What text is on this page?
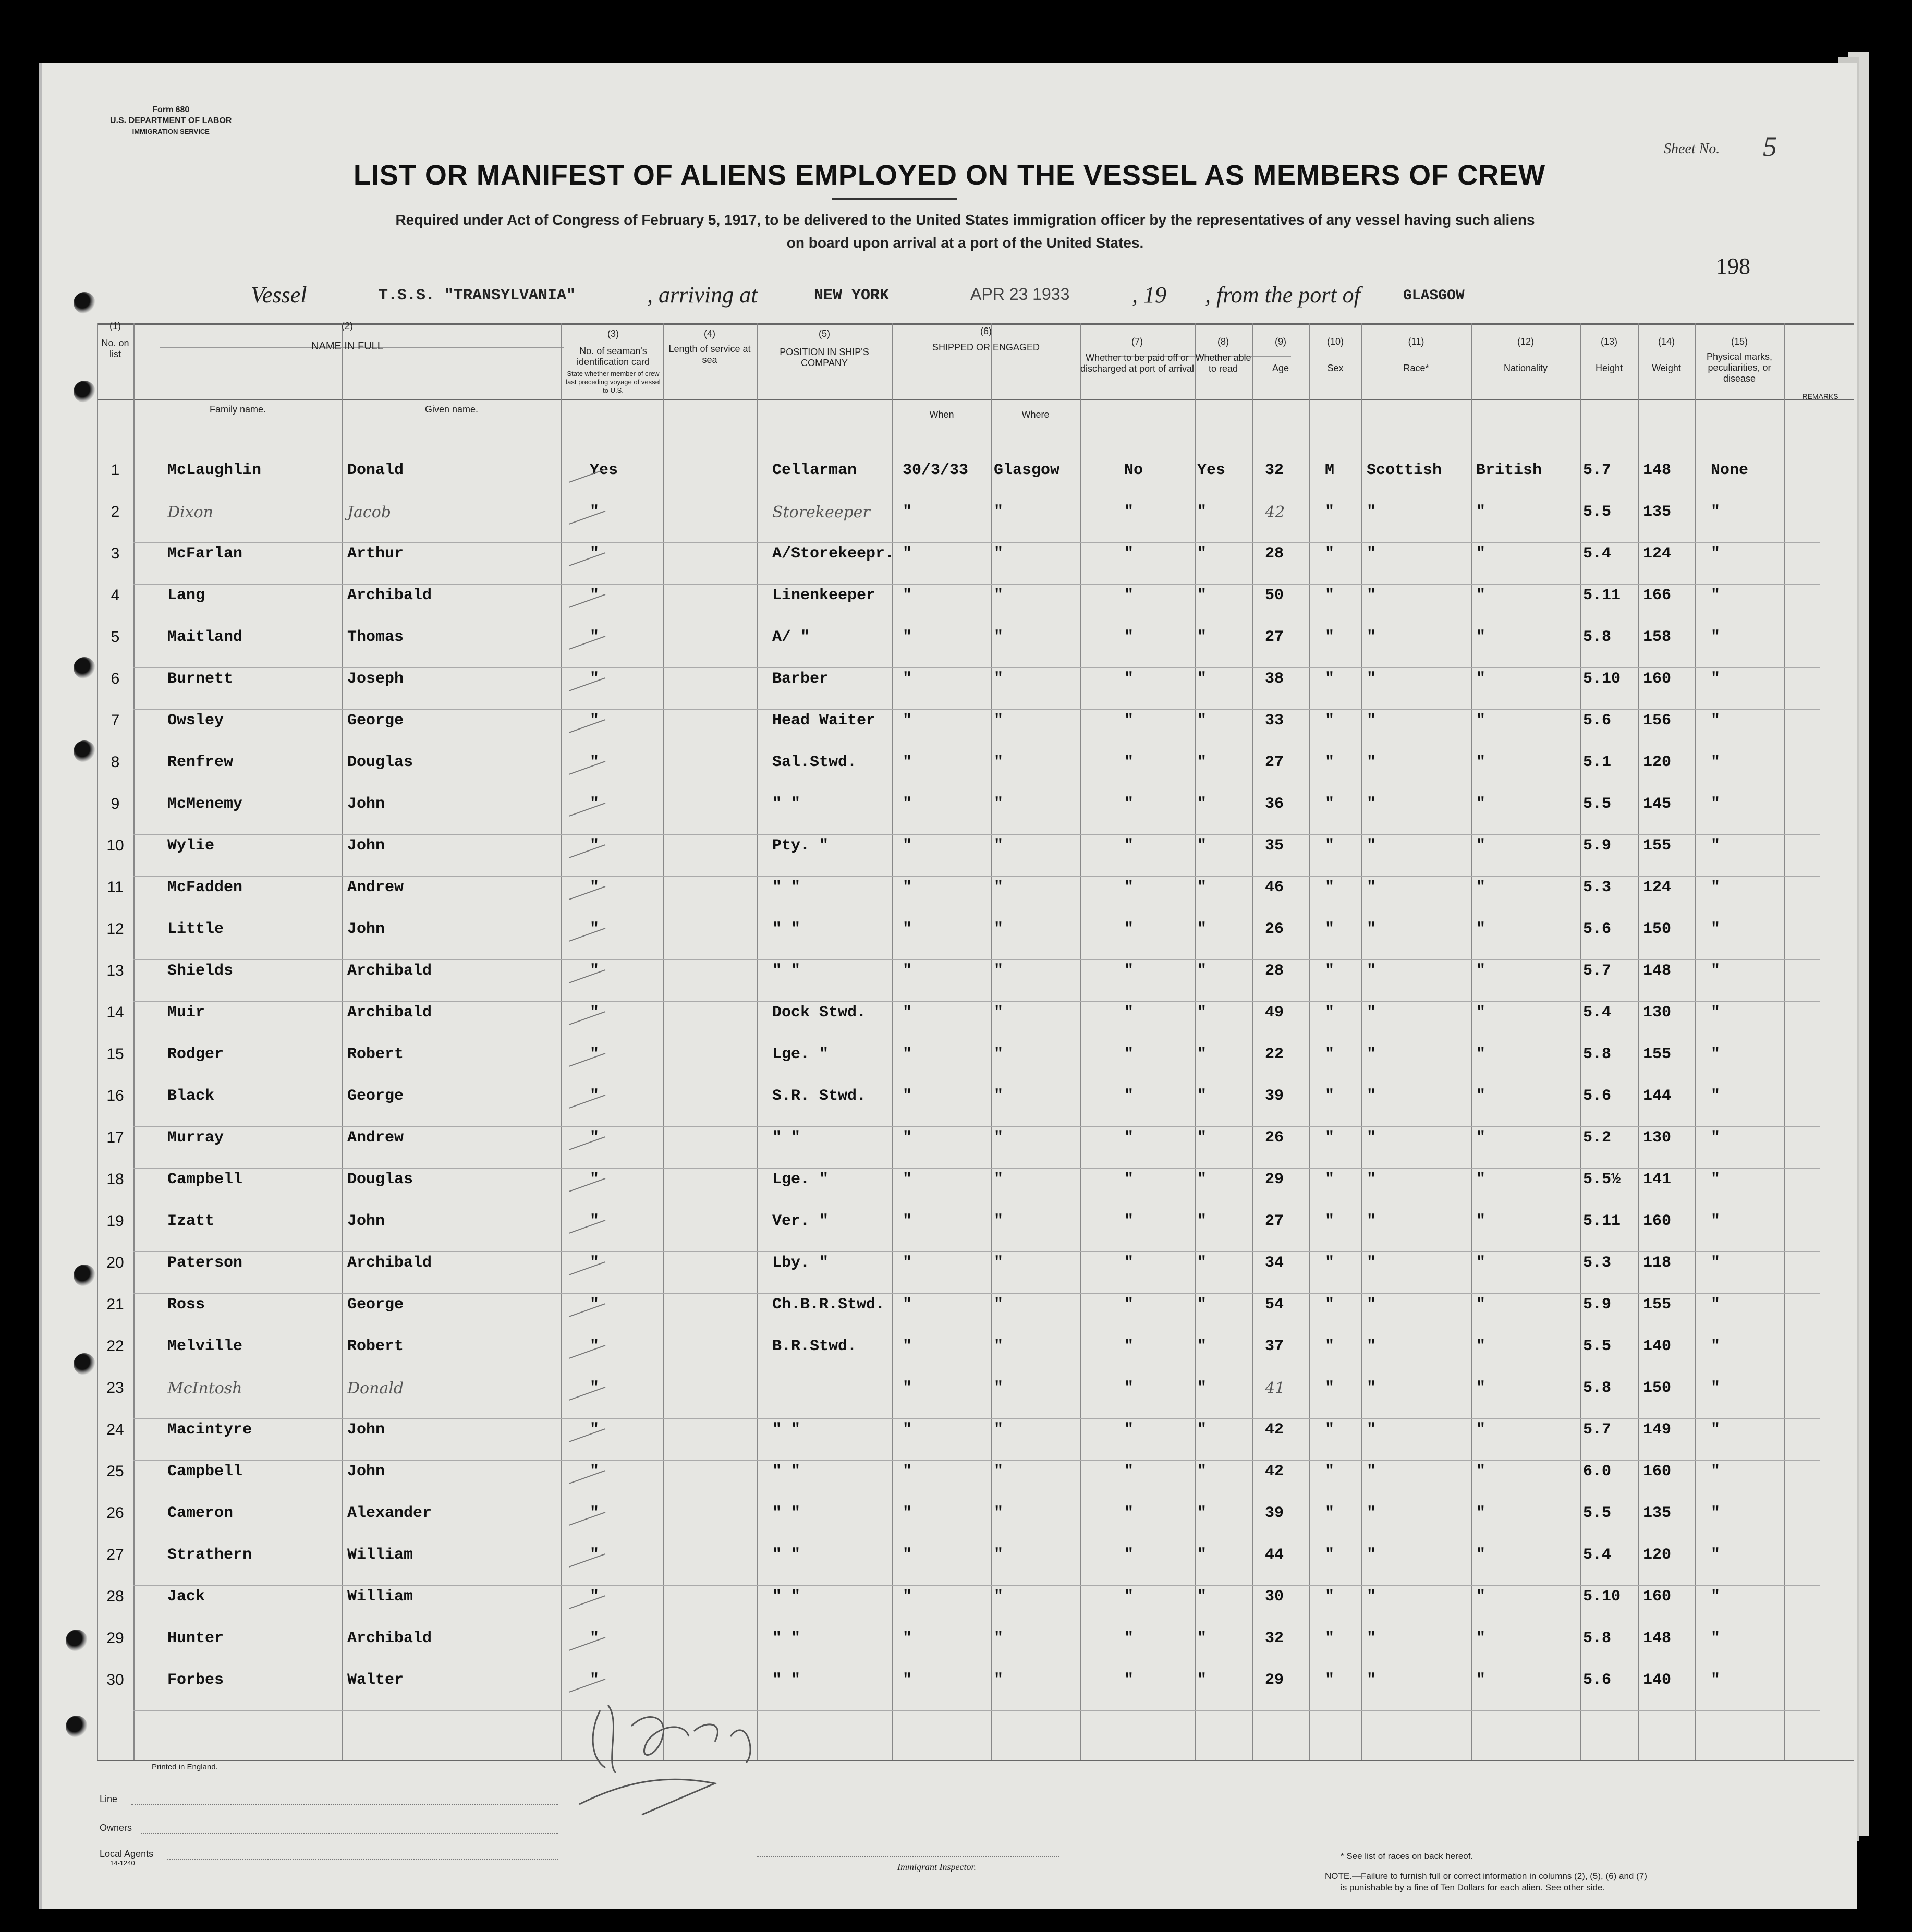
Form 680
U.S. DEPARTMENT OF LABOR
IMMIGRATION SERVICE
LIST OR MANIFEST OF ALIENS EMPLOYED ON THE VESSEL AS MEMBERS OF CREW
Required under Act of Congress of February 5, 1917, to be delivered to the United States immigration officer by the representatives of any vessel having such aliens
on board upon arrival at a port of the United States.
Sheet No. 5
198
Vessel	T.S.S. "TRANSYLVANIA"	, arriving at	NEW YORK	APR 23 1933	, 19 , from the port of	GLASGOW
(1)
No. on list
(2)
NAME IN FULL
Family name.	Given name.
(3)
No. of seaman's identification card
State whether member of crew last preceding voyage of vessel to U.S.
(4)
Length of service at sea
(5)
POSITION IN SHIP'S COMPANY
(6)
SHIPPED OR ENGAGED
When	Where
(7)
Whether to be paid off or discharged at port of arrival
(8)
Whether able to read
(9)
Age
(10)
Sex
(11)
Race*
(12)
Nationality
(13)
Height
(14)
Weight
(15)
Physical marks, peculiarities, or disease
REMARKS
1	McLaughlin	Donald	Yes	Cellarman	30/3/33 Glasgow	No	Yes	32	M Scottish British	5.7 148	None
2	Dixon	Jacob	"	Storekeeper "	"	"	"	42	" "	"	5.5 135	"
3	McFarlan	Arthur	"	A/Storekeepr. "	"	"	"	28	" "	"	5.4 124	"
4	Lang	Archibald	"	Linenkeeper "	"	"	"	50	" "	"	5.11 166	"
5	Maitland	Thomas	"	A/ "	"	"	"	"	27	" "	"	5.8 158	"
6	Burnett	Joseph	"	Barber	"	"	"	"	38	" "	"	5.10 160	"
7	Owsley	George	"	Head Waiter "	"	"	"	33	" "	"	5.6 156	"
8	Renfrew	Douglas	"	Sal.Stwd.	"	"	"	"	27	" "	"	5.1 120	"
9	McMenemy	John	"	" "	"	"	"	"	36	" "	"	5.5 145	"
10	Wylie	John	"	Pty. "	"	"	"	"	35	" "	"	5.9 155	"
11	McFadden	Andrew	"	" "	"	"	"	"	46	" "	"	5.3 124	"
12	Little	John	"	" "	"	"	"	"	26	" "	"	5.6 150	"
13	Shields	Archibald	"	" "	"	"	"	"	28	" "	"	5.7 148	"
14	Muir	Archibald	"	Dock Stwd. "	"	"	"	49	" "	"	5.4 130	"
15	Rodger	Robert	"	Lge. "	"	"	"	"	22	" "	"	5.8 155	"
16	Black	George	"	S.R. Stwd. "	"	"	"	39	" "	"	5.6 144	"
17	Murray	Andrew	"	" "	"	"	"	"	26	" "	"	5.2 130	"
18	Campbell	Douglas	"	Lge. "	"	"	"	"	29	" "	"	5.5½ 141	"
19	Izatt	John	"	Ver. "	"	"	"	"	27	" "	"	5.11 160	"
20	Paterson	Archibald	"	Lby. "	"	"	"	"	34	" "	"	5.3 118	"
21	Ross	George	"	Ch.B.R.Stwd. "	"	"	"	54	" "	"	5.9 155	"
22	Melville	Robert	"	B.R.Stwd.	"	"	"	"	37	" "	"	5.5 140	"
23	McIntosh	Donald	"	"	"	"	"	41	" "	"	5.8 150	"
24	Macintyre	John	"	" "	"	"	"	"	42	" "	"	5.7 149	"
25	Campbell	John	"	" "	"	"	"	"	42	" "	"	6.0 160	"
26	Cameron	Alexander	"	" "	"	"	"	"	39	" "	"	5.5 135	"
27	Strathern	William	"	" "	"	"	"	"	44	" "	"	5.4 120	"
28	Jack	William	"	" "	"	"	"	"	30	" "	"	5.10 160	"
29	Hunter	Archibald	"	" "	"	"	"	"	32	" "	"	5.8 148	"
30	Forbes	Walter	"	" "	"	"	"	"	29	" "	"	5.6 140	"
Printed in England.
Line
Owners
Local Agents
14-1240	Immigrant Inspector.
* See list of races on back hereof.
NOTE.—Failure to furnish full or correct information in columns (2), (5), (6) and (7)
is punishable by a fine of Ten Dollars for each alien. See other side.
